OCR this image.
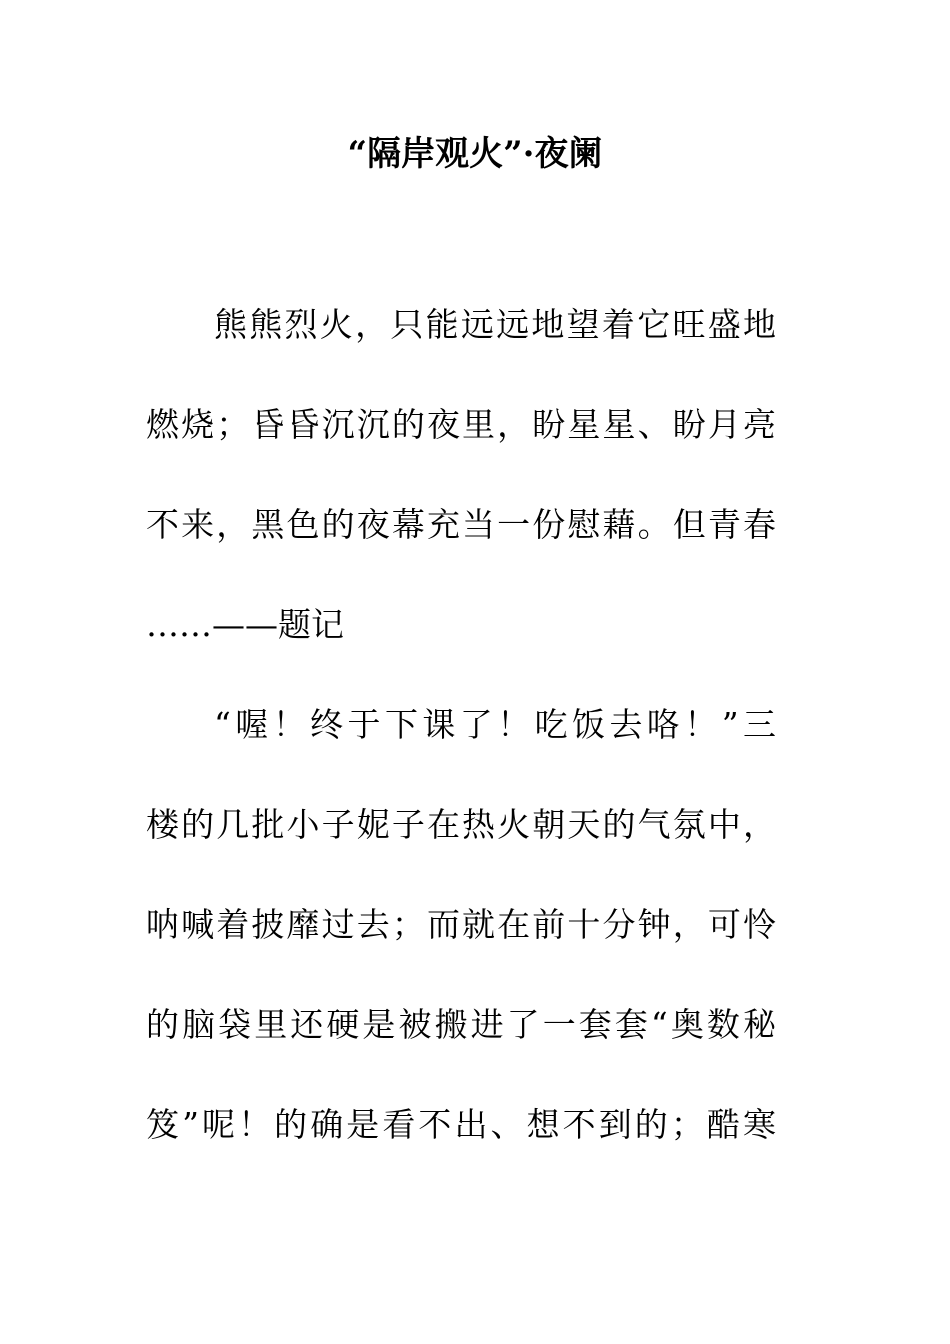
“隔岸观火”·夜阑
熊熊烈火，只能远远地望着它旺盛地
燃烧；昏昏沉沉的夜里，盼星星、盼月亮
不来，黑色的夜幕充当一份慰藉。但青春
……——题记
“喔！终于下课了！吃饭去咯！”三
楼的几批小子妮子在热火朝天的气氛中，
呐喊着披靡过去；而就在前十分钟，可怜
的脑袋里还硬是被搬进了一套套“奥数秘
笈”呢！的确是看不出、想不到的；酷寒
